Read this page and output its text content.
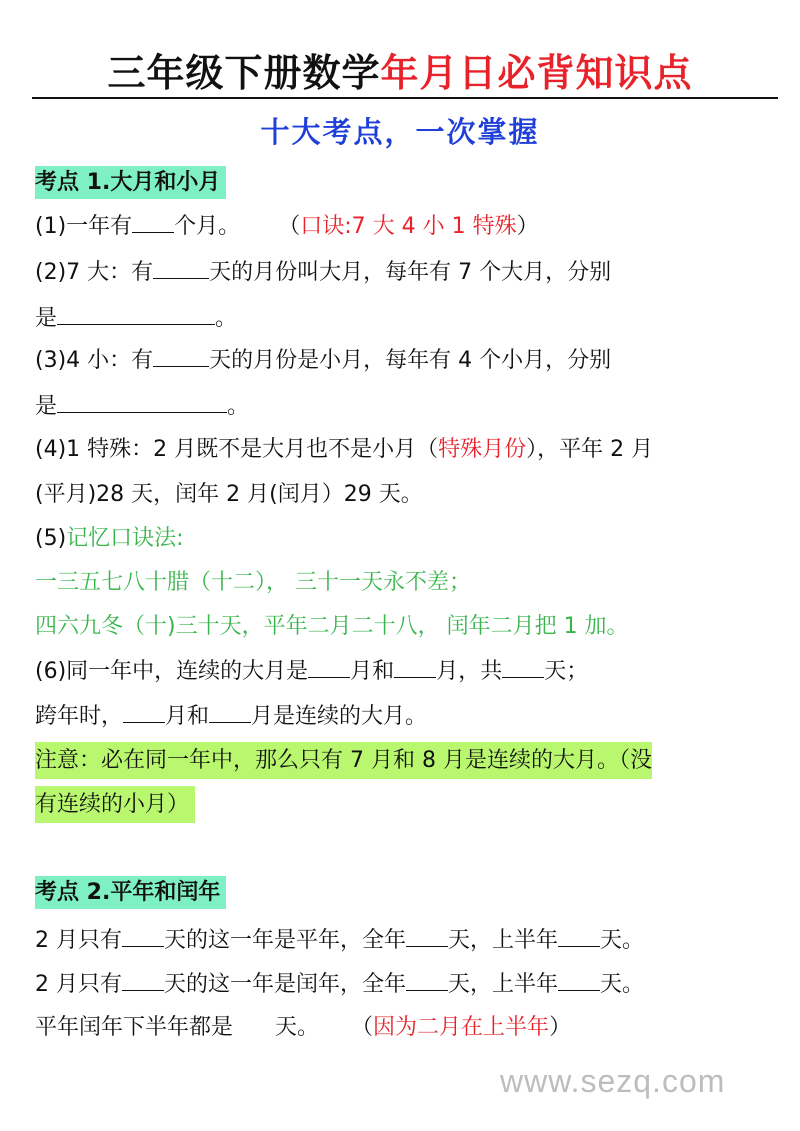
三年级下册数学年月日必背知识点
十大考点，一次掌握
考点 1.大月和小月
(1)一年有 个月。 （口诀:7 大 4 小 1 特殊）
(2)7 大：有	天的月份叫大月，每年有 7 个大月，分别
是	。
(3)4 小：有	天的月份是小月，每年有 4 个小月，分别
是	。
(4)1 特殊：2 月既不是大月也不是小月（特殊月份），平年 2 月
(平月)28 天，闰年 2 月(闰月）29 天。
(5)记忆口诀法:
一三五七八十腊（十二）， 三十一天永不差；
四六九冬（十)三十天，平年二月二十八， 闰年二月把 1 加。
(6)同一年中，连续的大月是 月和 月，共 天；
跨年时， 月和 月是连续的大月。
注意：必在同一年中，那么只有 7 月和 8 月是连续的大月。（没
有连续的小月）
考点 2.平年和闰年
2 月只有 天的这一年是平年，全年 天，上半年 天。
2 月只有 天的这一年是闰年，全年 天，上半年 天。
平年闰年下半年都是 天。 （因为二月在上半年）
www.sezq.com
